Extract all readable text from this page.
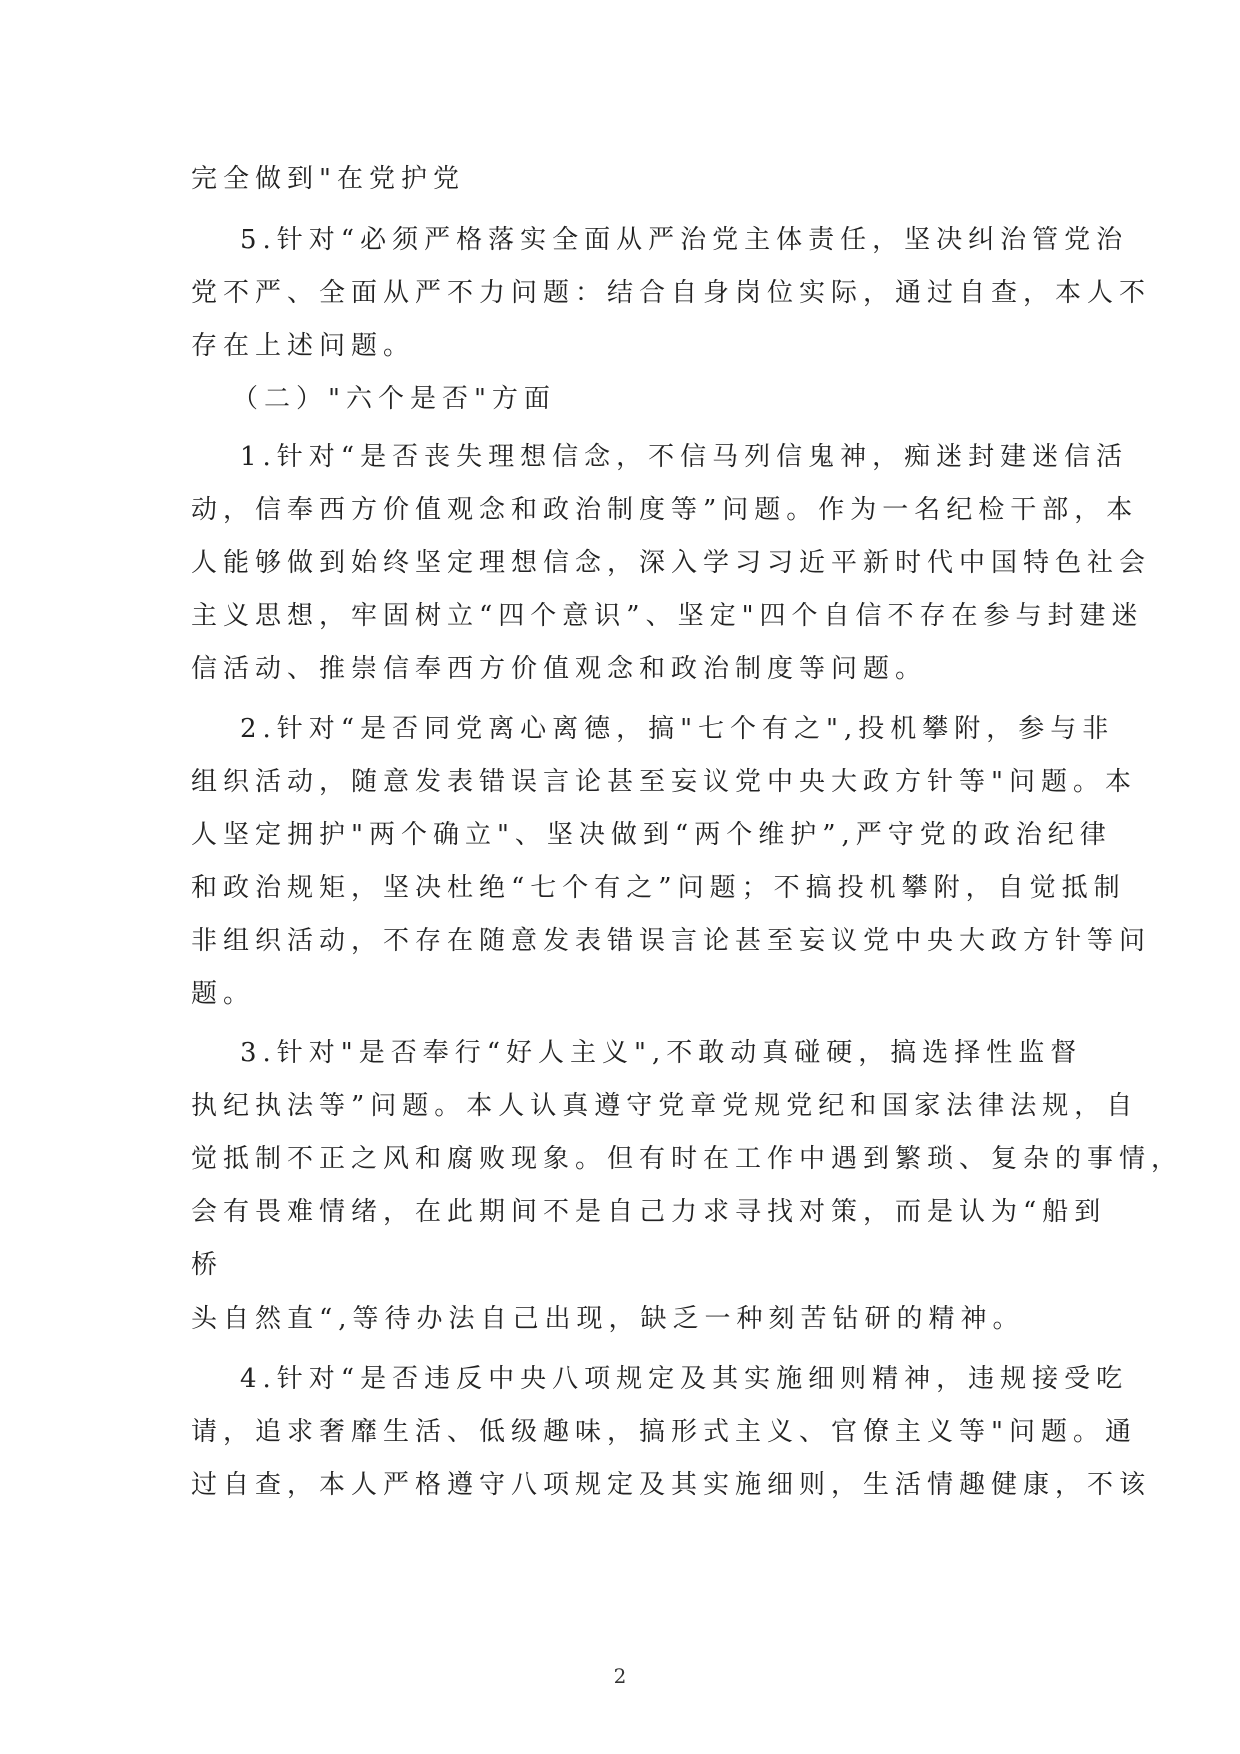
完全做到"在党护党
5.针对“必须严格落实全面从严治党主体责任，坚决纠治管党治
党不严、全面从严不力问题：结合自身岗位实际，通过自查，本人不
存在上述问题。
（二）"六个是否"方面
1.针对“是否丧失理想信念，不信马列信鬼神，痴迷封建迷信活
动，信奉西方价值观念和政治制度等”问题。作为一名纪检干部，本
人能够做到始终坚定理想信念，深入学习习近平新时代中国特色社会
主义思想，牢固树立“四个意识”、坚定"四个自信不存在参与封建迷
信活动、推崇信奉西方价值观念和政治制度等问题。
2.针对“是否同党离心离德，搞"七个有之",投机攀附，参与非
组织活动，随意发表错误言论甚至妄议党中央大政方针等"问题。本
人坚定拥护"两个确立"、坚决做到“两个维护”,严守党的政治纪律
和政治规矩，坚决杜绝“七个有之”问题；不搞投机攀附，自觉抵制
非组织活动，不存在随意发表错误言论甚至妄议党中央大政方针等问
题。
3.针对"是否奉行“好人主义",不敢动真碰硬，搞选择性监督
执纪执法等”问题。本人认真遵守党章党规党纪和国家法律法规，自
觉抵制不正之风和腐败现象。但有时在工作中遇到繁琐、复杂的事情，
会有畏难情绪，在此期间不是自己力求寻找对策，而是认为“船到
桥
头自然直“,等待办法自己出现，缺乏一种刻苦钻研的精神。
4.针对“是否违反中央八项规定及其实施细则精神，违规接受吃
请，追求奢靡生活、低级趣味，搞形式主义、官僚主义等"问题。通
过自查，本人严格遵守八项规定及其实施细则，生活情趣健康，不该
2
